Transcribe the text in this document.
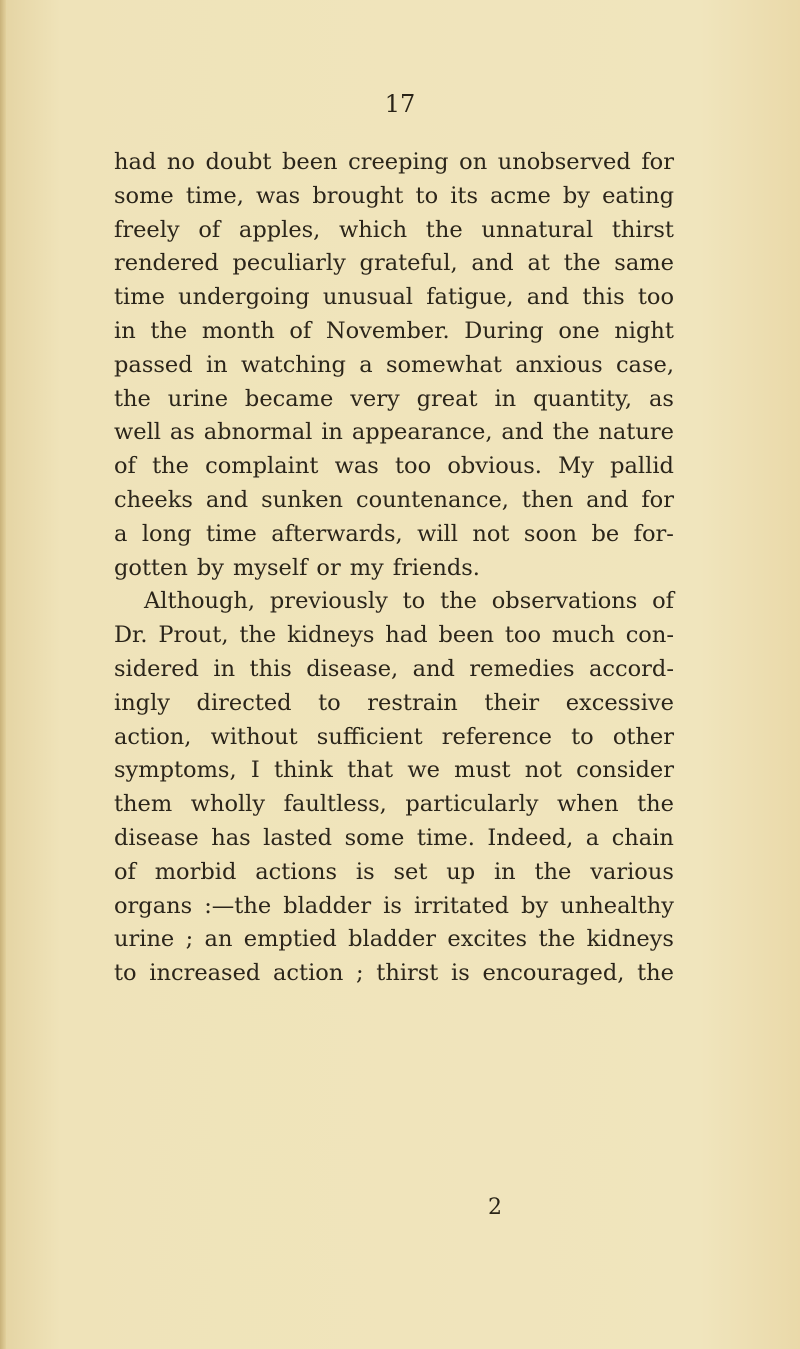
17

had no doubt been creeping on unobserved for
some time, was brought to its acme by eating
freely of apples, which the unnatural thirst
rendered peculiarly grateful, and at the same
time undergoing unusual fatigue, and this too
in the month of November. During one night
passed in watching a somewhat anxious case,
the urine became very great in quantity, as
well as abnormal in appearance, and the nature
of the complaint was too obvious. My pallid
cheeks and sunken countenance, then and for
a long time afterwards, will not soon be for-
gotten by myself or my friends.
Although, previously to the observations of
Dr. Prout, the kidneys had been too much con-
sidered in this disease, and remedies accord-
ingly directed to restrain their excessive
action, without sufficient reference to other
symptoms, I think that we must not consider
them wholly faultless, particularly when the
disease has lasted some time. Indeed, a chain
of morbid actions is set up in the various
organs :—the bladder is irritated by unhealthy
urine ; an emptied bladder excites the kidneys
to increased action ; thirst is encouraged, the
2
